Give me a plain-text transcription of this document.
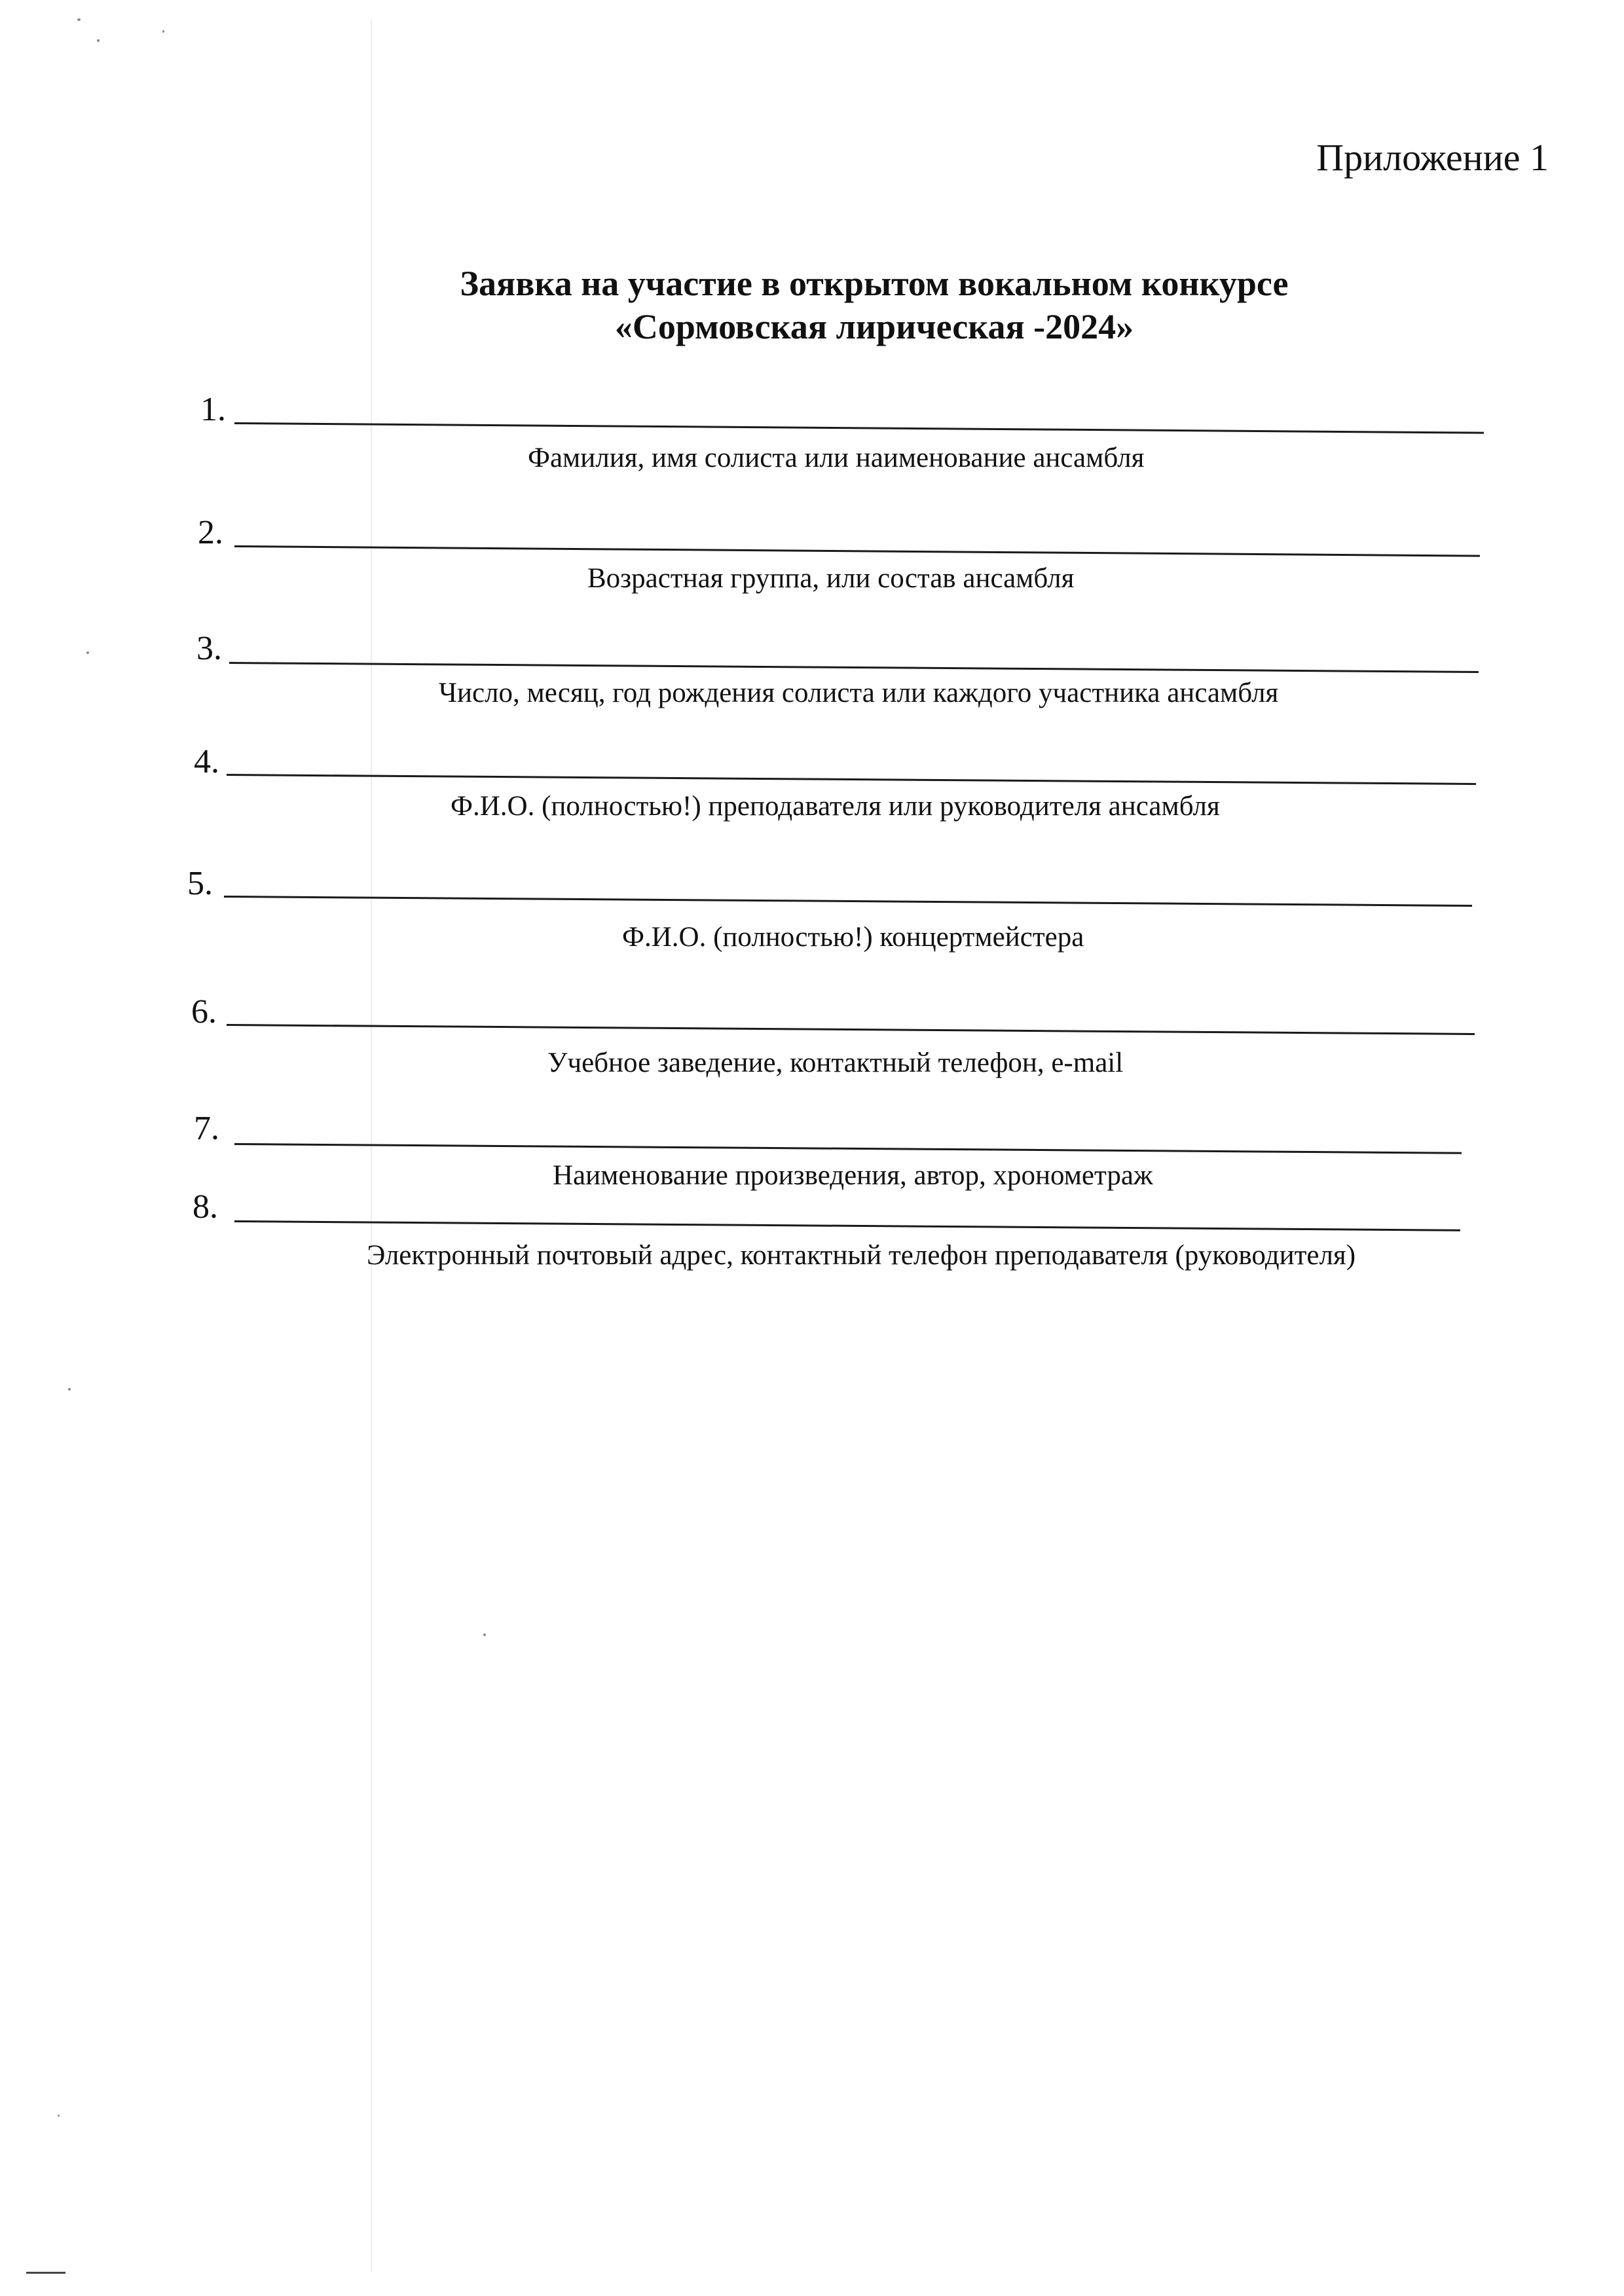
Приложение 1
Заявка на участие в открытом вокальном конкурсе
«Сормовская лирическая -2024»
1.
Фамилия, имя солиста или наименование ансамбля
2.
Возрастная группа, или состав ансамбля
3.
Число, месяц, год рождения солиста или каждого участника ансамбля
4.
Ф.И.О. (полностью!) преподавателя или руководителя ансамбля
5.
Ф.И.О. (полностью!) концертмейстера
6.
Учебное заведение, контактный телефон, e-mail
7.
Наименование произведения, автор, хронометраж
8.
Электронный почтовый адрес, контактный телефон преподавателя (руководителя)
